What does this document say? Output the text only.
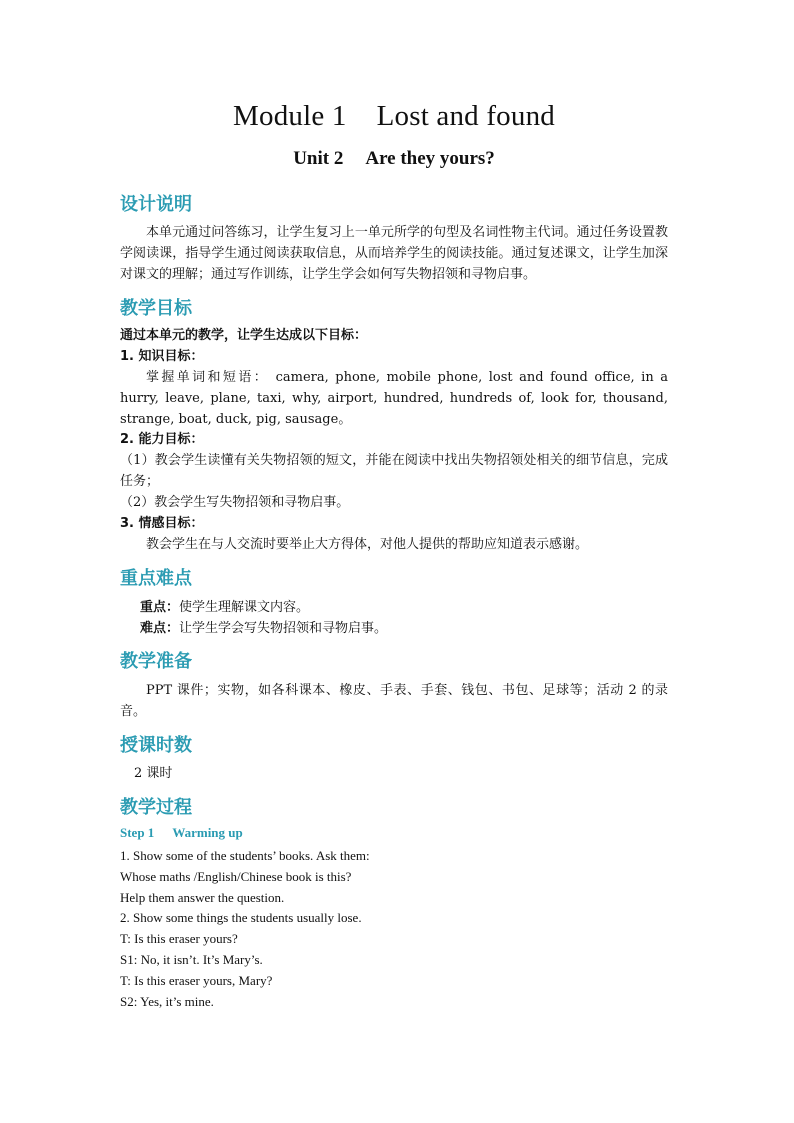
Module 1 Lost and found
Unit 2 Are they yours?
设计说明
本单元通过问答练习，让学生复习上一单元所学的句型及名词性物主代词。通过任务设置教学阅读课，指导学生通过阅读获取信息，从而培养学生的阅读技能。通过复述课文，让学生加深对课文的理解；通过写作训练，让学生学会如何写失物招领和寻物启事。
教学目标
通过本单元的教学，让学生达成以下目标：
1. 知识目标：
掌握单词和短语： camera, phone, mobile phone, lost and found office, in a hurry, leave, plane, taxi, why, airport, hundred, hundreds of, look for, thousand, strange, boat, duck, pig, sausage。
2. 能力目标：
（1）教会学生读懂有关失物招领的短文，并能在阅读中找出失物招领处相关的细节信息，完成任务；
（2）教会学生写失物招领和寻物启事。
3. 情感目标：
教会学生在与人交流时要举止大方得体，对他人提供的帮助应知道表示感谢。
重点难点
重点：使学生理解课文内容。
难点：让学生学会写失物招领和寻物启事。
教学准备
PPT 课件；实物，如各科课本、橡皮、手表、手套、钱包、书包、足球等；活动 2 的录音。
授课时数
2 课时
教学过程
Step 1 Warming up
1. Show some of the students’ books. Ask them:
Whose maths /English/Chinese book is this?
Help them answer the question.
2. Show some things the students usually lose.
T: Is this eraser yours?
S1: No, it isn’t. It’s Mary’s.
T: Is this eraser yours, Mary?
S2: Yes, it’s mine.
